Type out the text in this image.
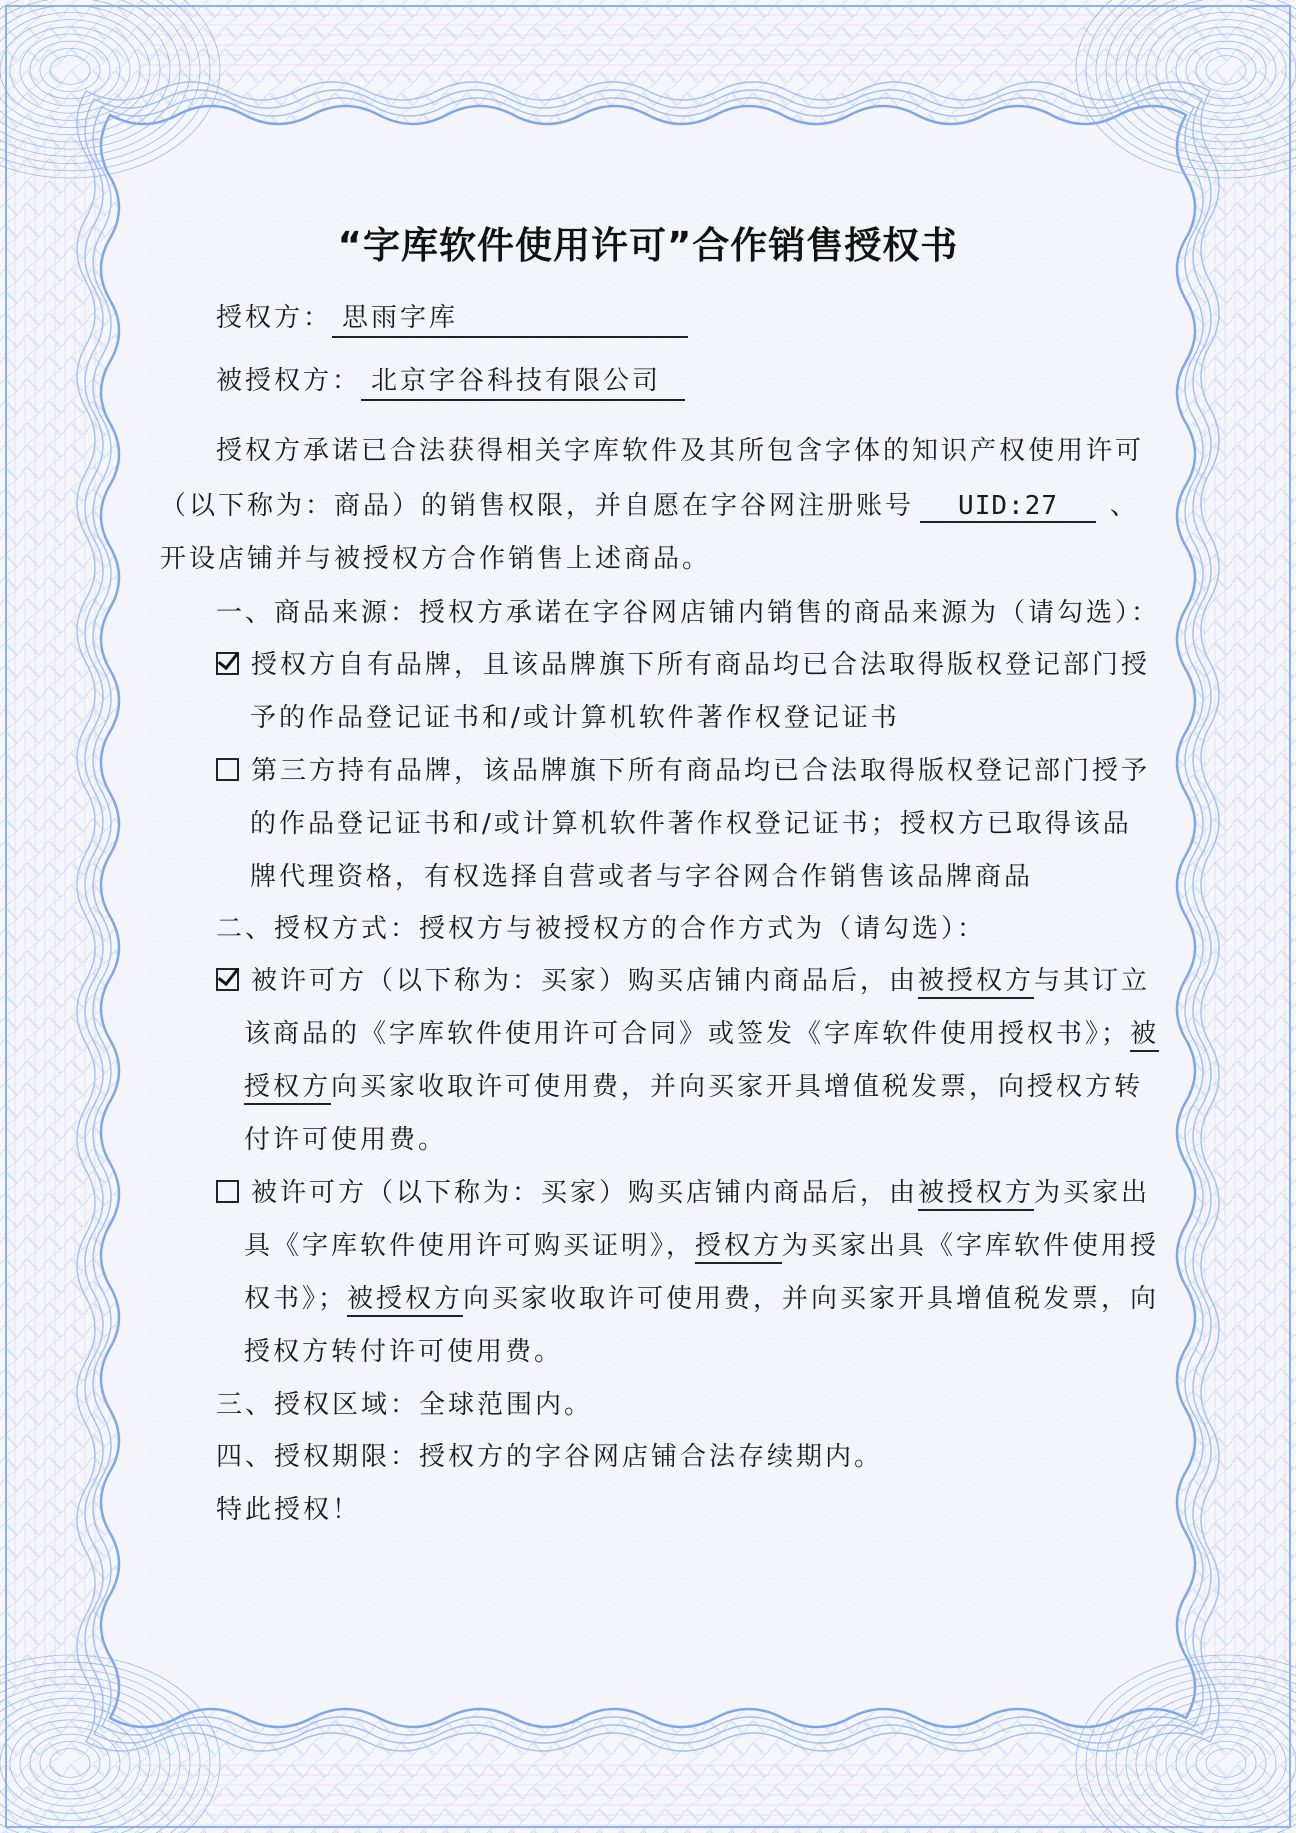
“字库软件使用许可”合作销售授权书
授权方： 思雨字库
被授权方： 北京字谷科技有限公司
授权方承诺已合法获得相关字库软件及其所包含字体的知识产权使用许可
（以下称为：商品）的销售权限，并自愿在字谷网注册账号 UID:27 、
开设店铺并与被授权方合作销售上述商品。
一、商品来源：授权方承诺在字谷网店铺内销售的商品来源为（请勾选）：
授权方自有品牌，且该品牌旗下所有商品均已合法取得版权登记部门授
予的作品登记证书和/或计算机软件著作权登记证书
第三方持有品牌，该品牌旗下所有商品均已合法取得版权登记部门授予
的作品登记证书和/或计算机软件著作权登记证书；授权方已取得该品
牌代理资格，有权选择自营或者与字谷网合作销售该品牌商品
二、授权方式：授权方与被授权方的合作方式为（请勾选）：
被许可方（以下称为：买家）购买店铺内商品后，由被授权方与其订立
该商品的《字库软件使用许可合同》或签发《字库软件使用授权书》；被
授权方向买家收取许可使用费，并向买家开具增值税发票，向授权方转
付许可使用费。
被许可方（以下称为：买家）购买店铺内商品后，由被授权方为买家出
具《字库软件使用许可购买证明》，授权方为买家出具《字库软件使用授
权书》；被授权方向买家收取许可使用费，并向买家开具增值税发票，向
授权方转付许可使用费。
三、授权区域：全球范围内。
四、授权期限：授权方的字谷网店铺合法存续期内。
特此授权！
